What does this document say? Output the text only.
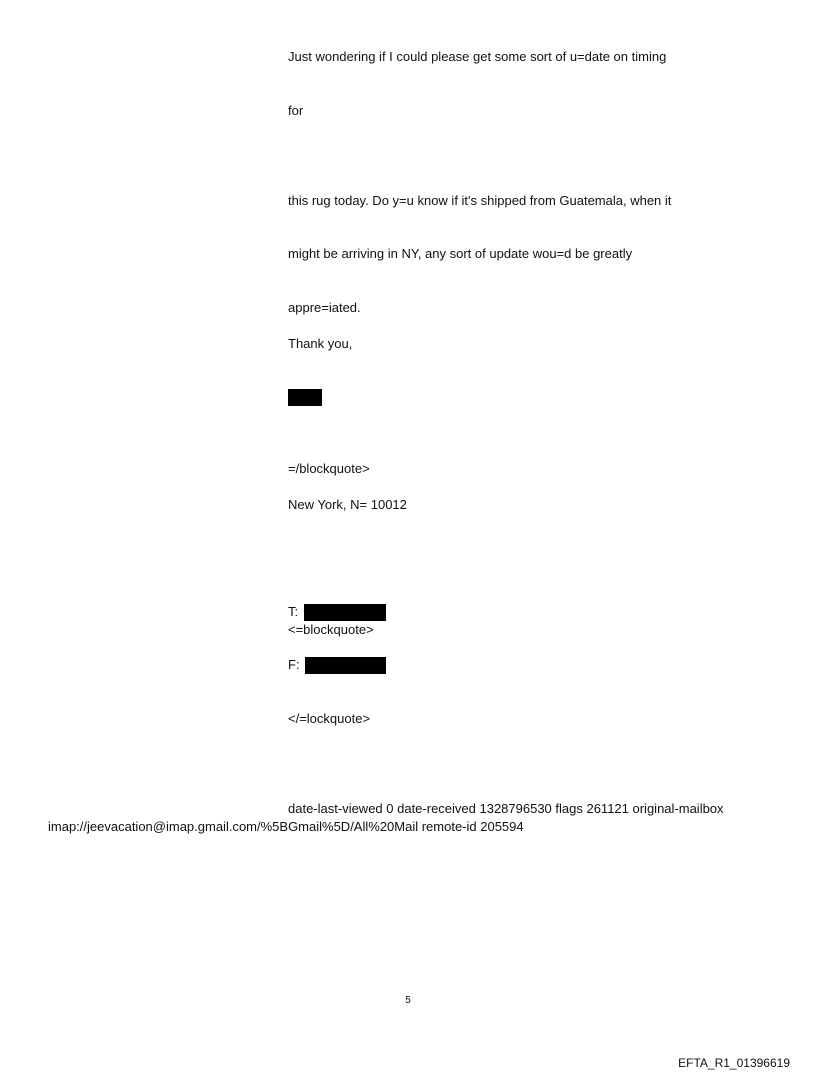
Just wondering if I could please get some sort of u=date on timing
for
this rug today. Do y=u know if it's shipped from Guatemala, when it
might be arriving in NY, any sort of update wou=d be greatly
appre=iated.
Thank you,
=/blockquote>
New York, N= 10012
T:
<=blockquote>
F:
</=lockquote>
date-last-viewed 0 date-received 1328796530 flags 261121 original-mailbox
imap://jeevacation@imap.gmail.com/%5BGmail%5D/All%20Mail remote-id 205594
5
EFTA_R1_01396619
